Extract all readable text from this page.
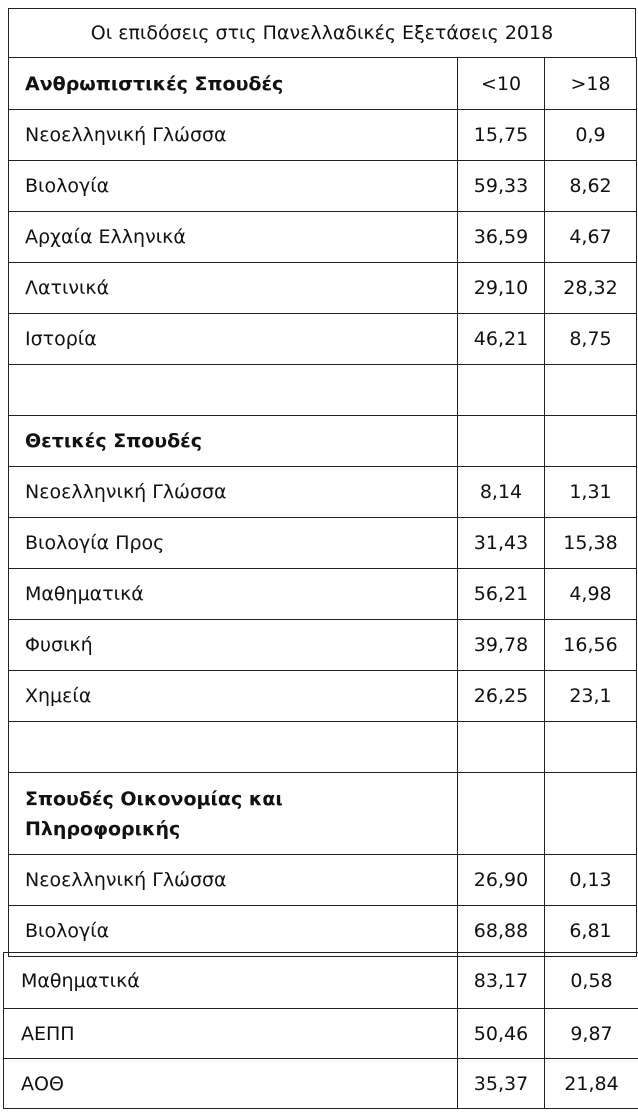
Οι επιδόσεις στις Πανελλαδικές Εξετάσεις 2018
Ανθρωπιστικές Σπουδές	<10	>18
Νεοελληνική Γλώσσα	15,75	0,9
Βιολογία	59,33	8,62
Αρχαία Ελληνικά	36,59	4,67
Λατινικά	29,10	28,32
Ιστορία	46,21	8,75

Θετικές Σπουδές		
Νεοελληνική Γλώσσα	8,14	1,31
Βιολογία Προς	31,43	15,38
Μαθηματικά	56,21	4,98
Φυσική	39,78	16,56
Χημεία	26,25	23,1

Σπουδές Οικονομίας και
Πληροφορικής		
Νεοελληνική Γλώσσα	26,90	0,13
Βιολογία	68,88	6,81
Μαθηματικά	83,17	0,58
ΑΕΠΠ	50,46	9,87
ΑΟΘ	35,37	21,84
